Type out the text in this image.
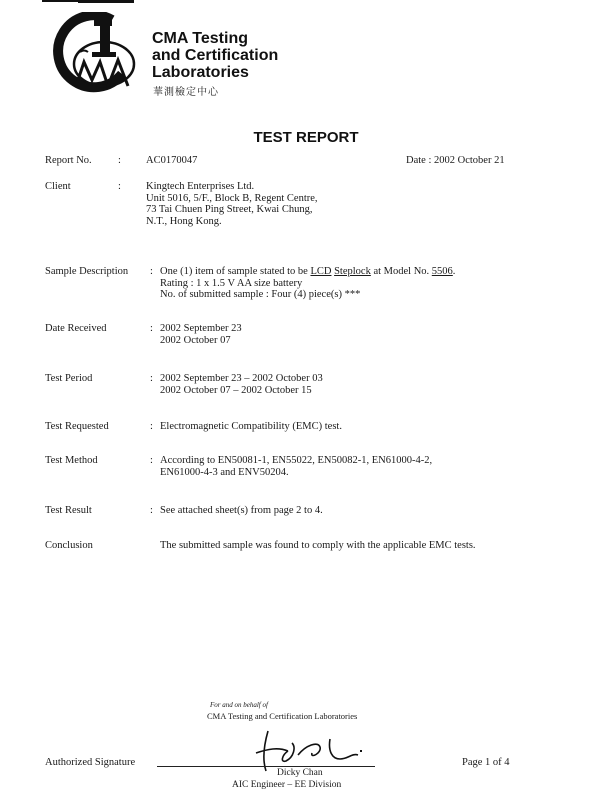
CMA Testing
and Certification
Laboratories
華測檢定中心
TEST REPORT
Report No.	: AC0170047	Date : 2002 October 21
Client	: Kingtech Enterprises Ltd.
Unit 5016, 5/F., Block B, Regent Centre,
73 Tai Chuen Ping Street, Kwai Chung,
N.T., Hong Kong.
Sample Description : One (1) item of sample stated to be LCD Steplock at Model No. 5506.
Rating : 1 x 1.5 V AA size battery
No. of submitted sample : Four (4) piece(s) ***
Date Received	: 2002 September 23
2002 October 07
Test Period	: 2002 September 23 – 2002 October 03
2002 October 07 – 2002 October 15
Test Requested	: Electromagnetic Compatibility (EMC) test.
Test Method	: According to EN50081-1, EN55022, EN50082-1, EN61000-4-2,
EN61000-4-3 and ENV50204.
Test Result	: See attached sheet(s) from page 2 to 4.
Conclusion	The submitted sample was found to comply with the applicable EMC tests.
For and on behalf of
CMA Testing and Certification Laboratories
Authorized Signature
Dicky Chan
AIC Engineer – EE Division
Page 1 of 4
